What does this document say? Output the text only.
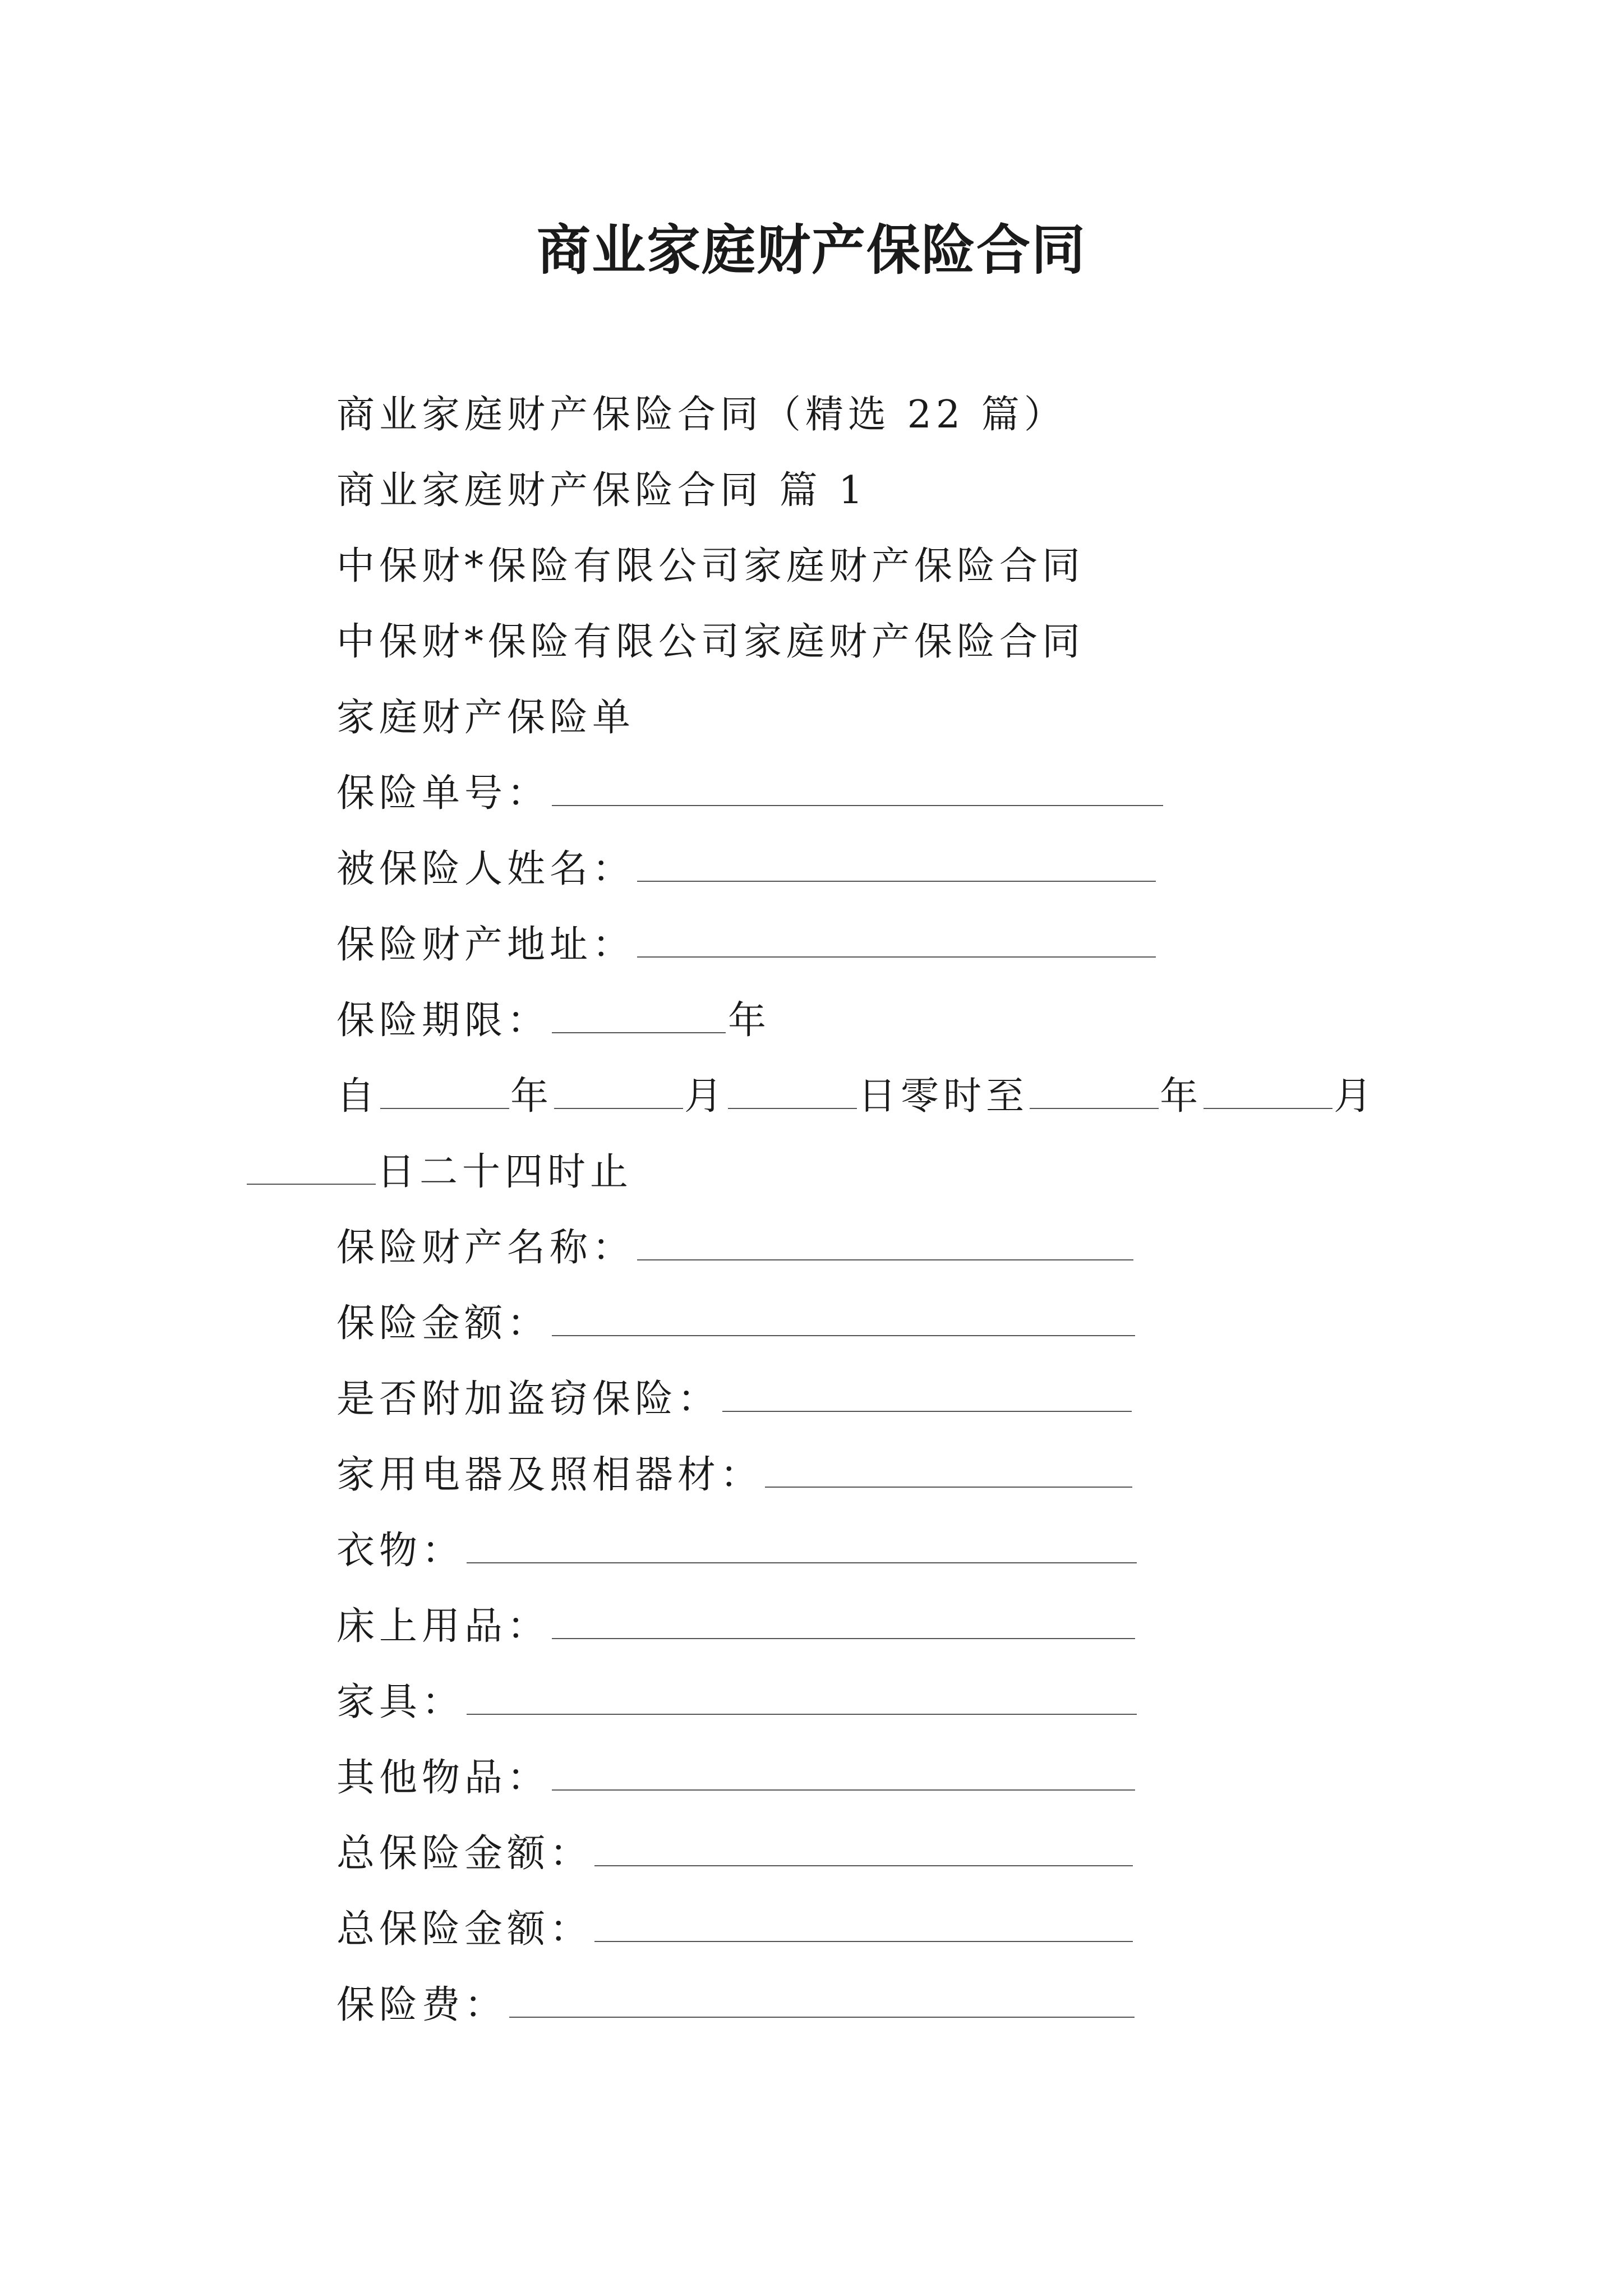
商业家庭财产保险合同
商业家庭财产保险合同（精选 22 篇）
商业家庭财产保险合同 篇 1
中保财*保险有限公司家庭财产保险合同
中保财*保险有限公司家庭财产保险合同
家庭财产保险单
保险单号：
被保险人姓名：
保险财产地址：
保险期限：	年
自	年	月	日零时至	年	月
日二十四时止
保险财产名称：
保险金额：
是否附加盗窃保险：
家用电器及照相器材：
衣物：
床上用品：
家具：
其他物品：
总保险金额：
总保险金额：
保险费：
